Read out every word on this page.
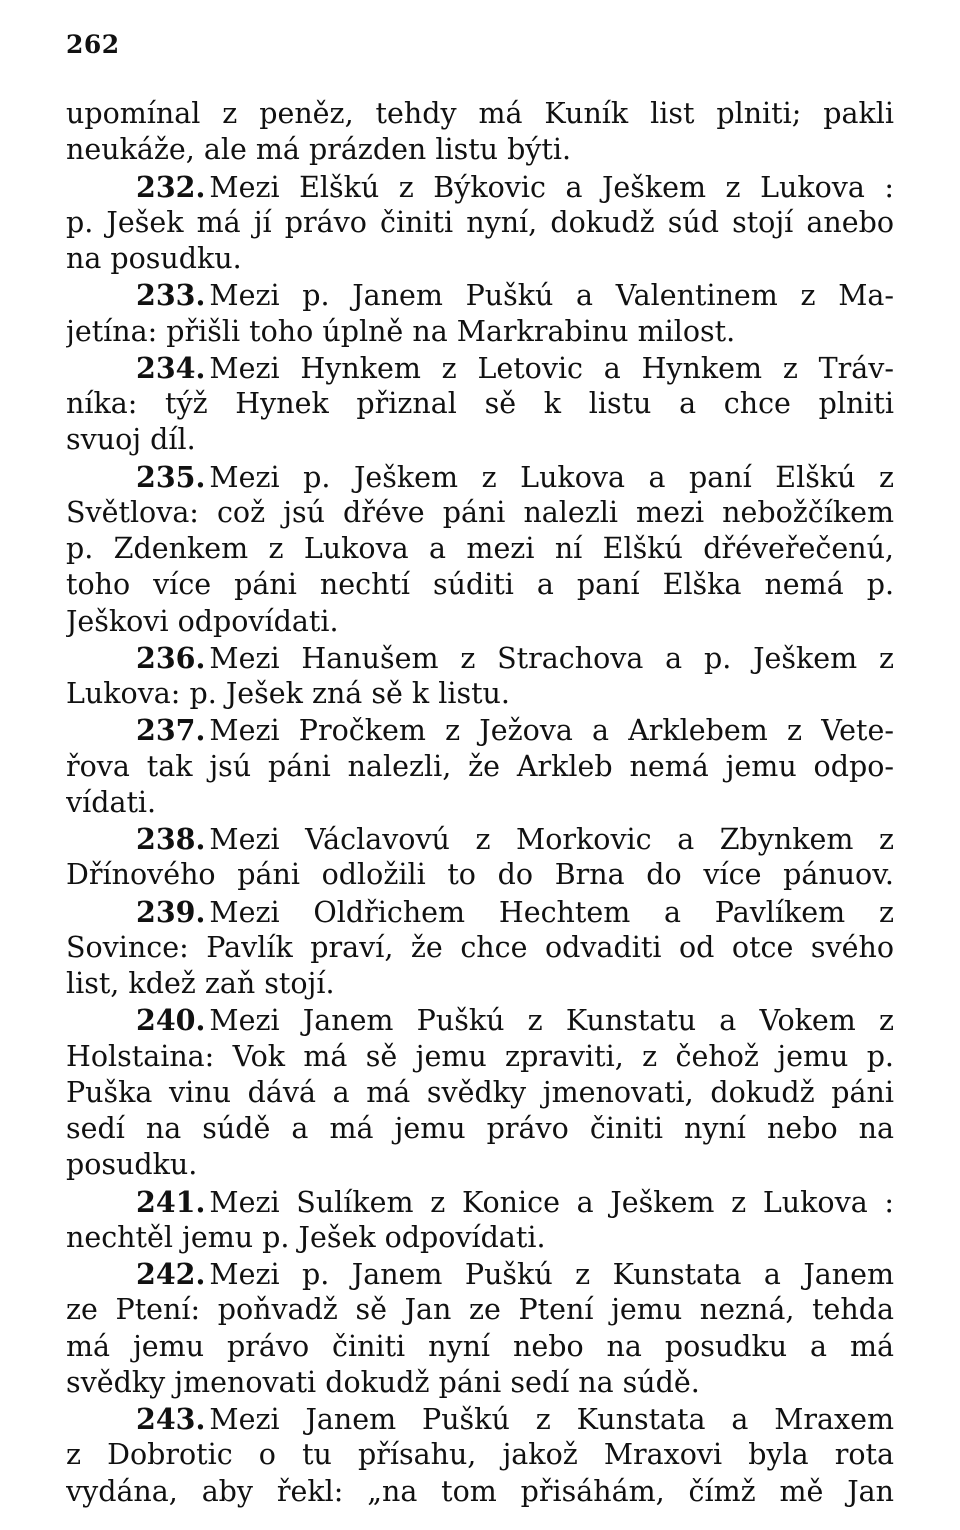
262
upomínal z peněz, tehdy má Kuník list plniti; pakli
neukáže, ale má prázden listu býti.
232. Mezi Elškú z Býkovic a Ješkem z Lukova :
p. Ješek má jí právo činiti nyní, dokudž súd stojí anebo
na posudku.
233. Mezi p. Janem Puškú a Valentinem z Ma-
jetína: přišli toho úplně na Markrabinu milost.
234. Mezi Hynkem z Letovic a Hynkem z Tráv-
níka: týž Hynek přiznal sě k listu a chce plniti
svuoj díl.
235. Mezi p. Ješkem z Lukova a paní Elškú z
Světlova: což jsú dřéve páni nalezli mezi nebožčíkem
p. Zdenkem z Lukova a mezi ní Elškú dřéveřečenú,
toho více páni nechtí súditi a paní Elška nemá p.
Ješkovi odpovídati.
236. Mezi Hanušem z Strachova a p. Ješkem z
Lukova: p. Ješek zná sě k listu.
237. Mezi Pročkem z Ježova a Arklebem z Vete-
řova tak jsú páni nalezli, že Arkleb nemá jemu odpo-
vídati.
238. Mezi Václavovú z Morkovic a Zbynkem z
Dřínového páni odložili to do Brna do více pánuov.
239. Mezi Oldřichem Hechtem a Pavlíkem z
Sovince: Pavlík praví, že chce odvaditi od otce svého
list, kdež zaň stojí.
240. Mezi Janem Puškú z Kunstatu a Vokem z
Holstaina: Vok má sě jemu zpraviti, z čehož jemu p.
Puška vinu dává a má svědky jmenovati, dokudž páni
sedí na súdě a má jemu právo činiti nyní nebo na
posudku.
241. Mezi Sulíkem z Konice a Ješkem z Lukova :
nechtěl jemu p. Ješek odpovídati.
242. Mezi p. Janem Puškú z Kunstata a Janem
ze Ptení: poňvadž sě Jan ze Ptení jemu nezná, tehda
má jemu právo činiti nyní nebo na posudku a má
svědky jmenovati dokudž páni sedí na súdě.
243. Mezi Janem Puškú z Kunstata a Mraxem
z Dobrotic o tu přísahu, jakož Mraxovi byla rota
vydána, aby řekl: „na tom přisáhám, čímž mě Jan
